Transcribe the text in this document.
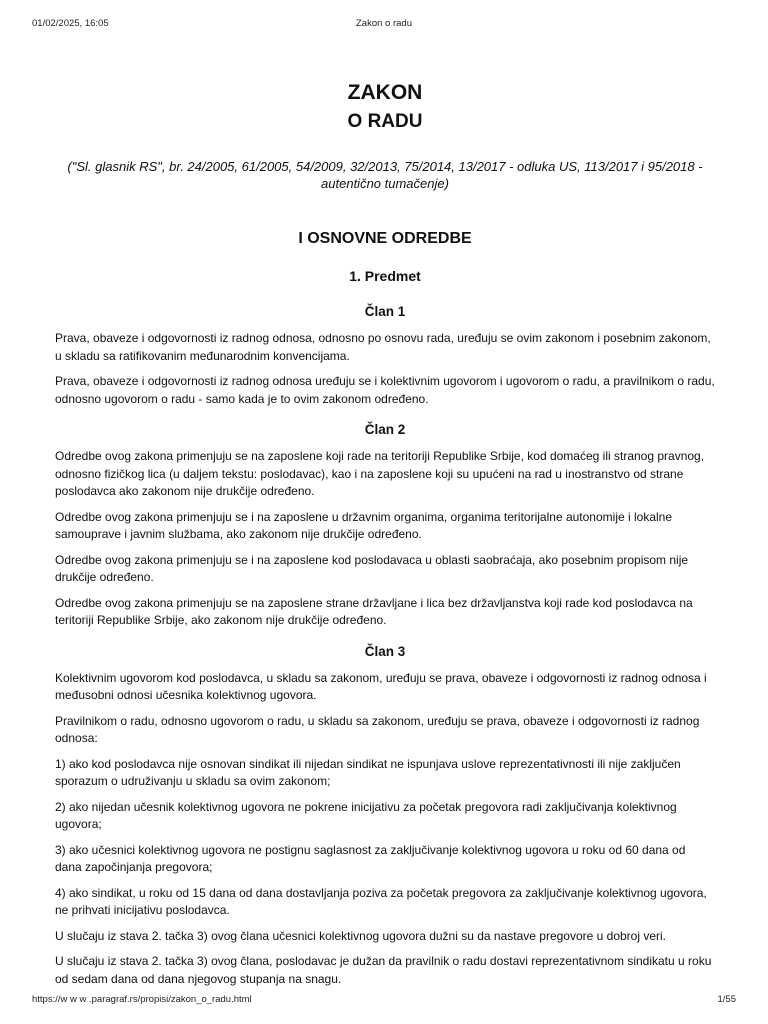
01/02/2025, 16:05	Zakon o radu
ZAKON
O RADU

("Sl. glasnik RS", br. 24/2005, 61/2005, 54/2009, 32/2013, 75/2014, 13/2017 - odluka US, 113/2017 i 95/2018 - autentično tumačenje)

I OSNOVNE ODREDBE
1. Predmet
Član 1

Prava, obaveze i odgovornosti iz radnog odnosa, odnosno po osnovu rada, uređuju se ovim zakonom i posebnim zakonom, u skladu sa ratifikovanim međunarodnim konvencijama.

Prava, obaveze i odgovornosti iz radnog odnosa uređuju se i kolektivnim ugovorom i ugovorom o radu, a pravilnikom o radu, odnosno ugovorom o radu - samo kada je to ovim zakonom određeno.

Član 2

Odredbe ovog zakona primenjuju se na zaposlene koji rade na teritoriji Republike Srbije, kod domaćeg ili stranog pravnog, odnosno fizičkog lica (u daljem tekstu: poslodavac), kao i na zaposlene koji su upućeni na rad u inostranstvo od strane poslodavca ako zakonom nije drukčije određeno.

Odredbe ovog zakona primenjuju se i na zaposlene u državnim organima, organima teritorijalne autonomije i lokalne samouprave i javnim službama, ako zakonom nije drukčije određeno.

Odredbe ovog zakona primenjuju se i na zaposlene kod poslodavaca u oblasti saobraćaja, ako posebnim propisom nije drukčije određeno.

Odredbe ovog zakona primenjuju se na zaposlene strane državljane i lica bez državljanstva koji rade kod poslodavca na teritoriji Republike Srbije, ako zakonom nije drukčije određeno.

Član 3

Kolektivnim ugovorom kod poslodavca, u skladu sa zakonom, uređuju se prava, obaveze i odgovornosti iz radnog odnosa i međusobni odnosi učesnika kolektivnog ugovora.

Pravilnikom o radu, odnosno ugovorom o radu, u skladu sa zakonom, uređuju se prava, obaveze i odgovornosti iz radnog odnosa:

1) ako kod poslodavca nije osnovan sindikat ili nijedan sindikat ne ispunjava uslove reprezentativnosti ili nije zaključen sporazum o udruživanju u skladu sa ovim zakonom;

2) ako nijedan učesnik kolektivnog ugovora ne pokrene inicijativu za početak pregovora radi zaključivanja kolektivnog ugovora;

3) ako učesnici kolektivnog ugovora ne postignu saglasnost za zaključivanje kolektivnog ugovora u roku od 60 dana od dana započinjanja pregovora;

4) ako sindikat, u roku od 15 dana od dana dostavljanja poziva za početak pregovora za zaključivanje kolektivnog ugovora, ne prihvati inicijativu poslodavca.

U slučaju iz stava 2. tačka 3) ovog člana učesnici kolektivnog ugovora dužni su da nastave pregovore u dobroj veri.

U slučaju iz stava 2. tačka 3) ovog člana, poslodavac je dužan da pravilnik o radu dostavi reprezentativnom sindikatu u roku od sedam dana od dana njegovog stupanja na snagu.

https://w w w .paragraf.rs/propisi/zakon_o_radu.html	1/55
